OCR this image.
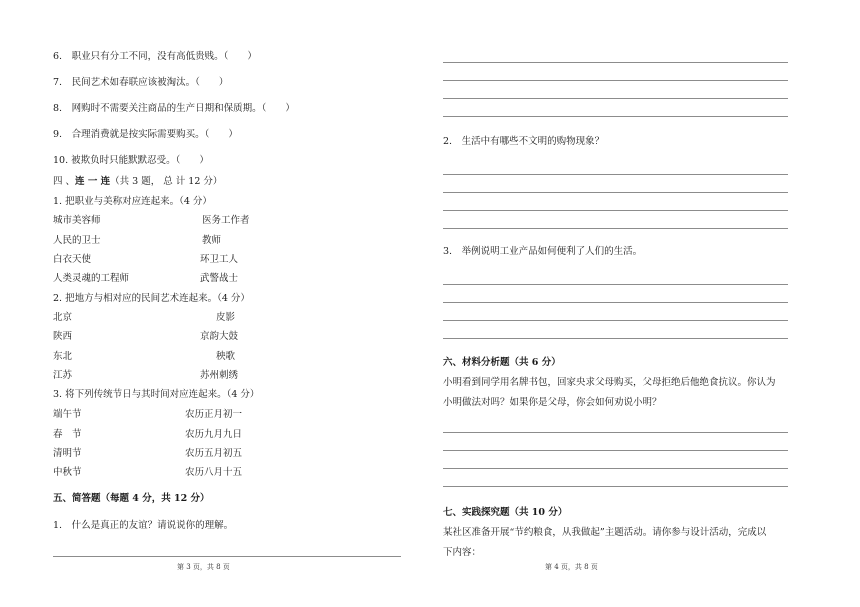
6.　职业只有分工不同，没有高低贵贱。（　　）
7.　民间艺术如春联应该被淘汰。（　　）
8.　网购时不需要关注商品的生产日期和保质期。（　　）
9.　合理消费就是按实际需要购买。（　　）
10. 被欺负时只能默默忍受。（　　）
四 、连 一 连（共 3 题， 总 计 12 分）
1. 把职业与美称对应连起来。（4 分）
城市美容师	医务工作者
人民的卫士	教师
白衣天使	环卫工人
人类灵魂的工程师	武警战士
2. 把地方与相对应的民间艺术连起来。（4 分）
北京	皮影
陕西	京韵大鼓
东北	秧歌
江苏	苏州刺绣
3. 将下列传统节日与其时间对应连起来。（4 分）
端午节	农历正月初一
春　节	农历九月九日
清明节	农历五月初五
中秋节	农历八月十五
五、简答题（每题 4 分，共 12 分）
1.　什么是真正的友谊？请说说你的理解。
第 3 页，共 8 页
2.　生活中有哪些不文明的购物现象？
3.　举例说明工业产品如何便利了人们的生活。
六、材料分析题（共 6 分）
小明看到同学用名牌书包，回家央求父母购买，父母拒绝后他绝食抗议。你认为
小明做法对吗？如果你是父母，你会如何劝说小明？
七、实践探究题（共 10 分）
某社区准备开展“节约粮食，从我做起”主题活动。请你参与设计活动，完成以
下内容：
第 4 页，共 8 页
